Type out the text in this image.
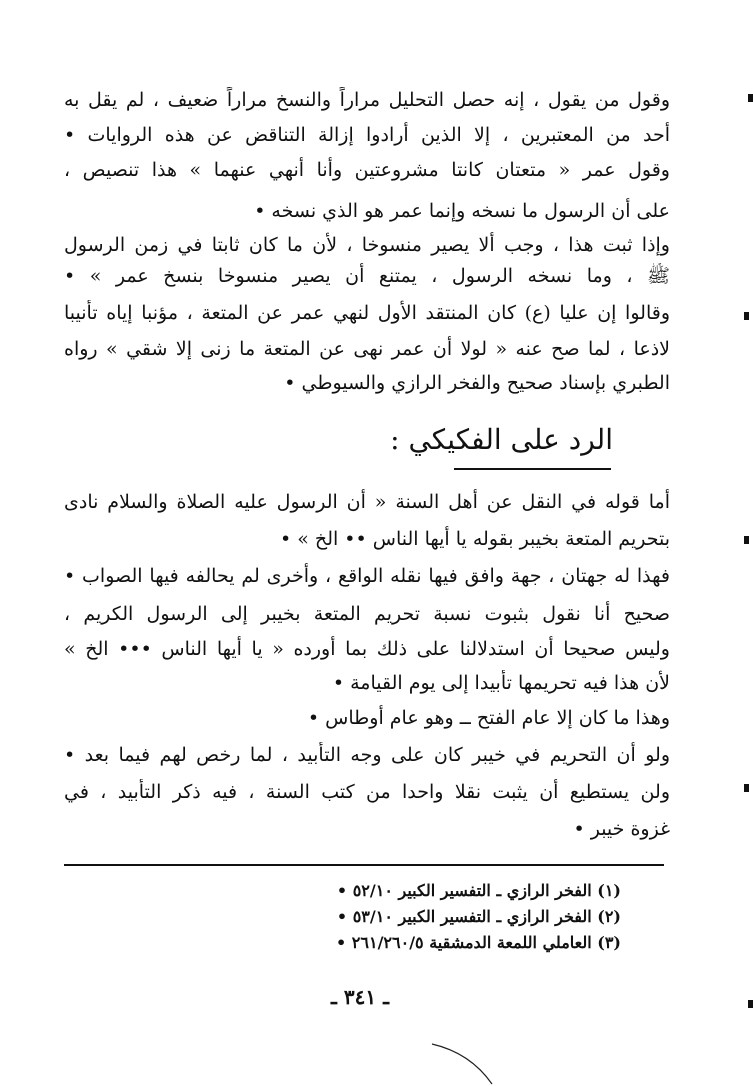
وقول من يقول ، إنه حصل التحليل مراراً والنسخ مراراً ضعيف ، لم يقل به
أحد من المعتبرين ، إلا الذين أرادوا إزالة التناقض عن هذه الروايات •
وقول عمر « متعتان كانتا مشروعتين وأنا أنهي عنهما » هذا تنصيص ،
على أن الرسول ما نسخه وإنما عمر هو الذي نسخه •
وإذا ثبت هذا ، وجب ألا يصير منسوخا ، لأن ما كان ثابتا في زمن الرسول
ﷺ ، وما نسخه الرسول ، يمتنع أن يصير منسوخا بنسخ عمر » •
وقالوا إن عليا (ع) كان المنتقد الأول لنهي عمر عن المتعة ، مؤنبا إياه تأنيبا
لاذعا ، لما صح عنه « لولا أن عمر نهى عن المتعة ما زنى إلا شقي » رواه
الطبري بإسناد صحيح والفخر الرازي والسيوطي •
الرد على الفكيكي :
أما قوله في النقل عن أهل السنة « أن الرسول عليه الصلاة والسلام نادى
بتحريم المتعة بخيبر بقوله يا أيها الناس •• الخ » •
فهذا له جهتان ، جهة وافق فيها نقله الواقع ، وأخرى لم يحالفه فيها الصواب •
صحيح أنا نقول بثبوت نسبة تحريم المتعة بخيبر إلى الرسول الكريم ،
وليس صحيحا أن استدلالنا على ذلك بما أورده « يا أيها الناس ••• الخ »
لأن هذا فيه تحريمها تأبيدا إلى يوم القيامة •
وهذا ما كان إلا عام الفتح ــ وهو عام أوطاس •
ولو أن التحريم في خيبر كان على وجه التأبيد ، لما رخص لهم فيما بعد •
ولن يستطيع أن يثبت نقلا واحدا من كتب السنة ، فيه ذكر التأبيد ، في
غزوة خيبر •
(١) الفخر الرازي ـ التفسير الكبير ٥٢/١٠ •
(٢) الفخر الرازي ـ التفسير الكبير ٥٣/١٠ •
(٣) العاملي اللمعة الدمشقية ٢٦١/٢٦٠/٥ •
ـ ٣٤١ ـ
